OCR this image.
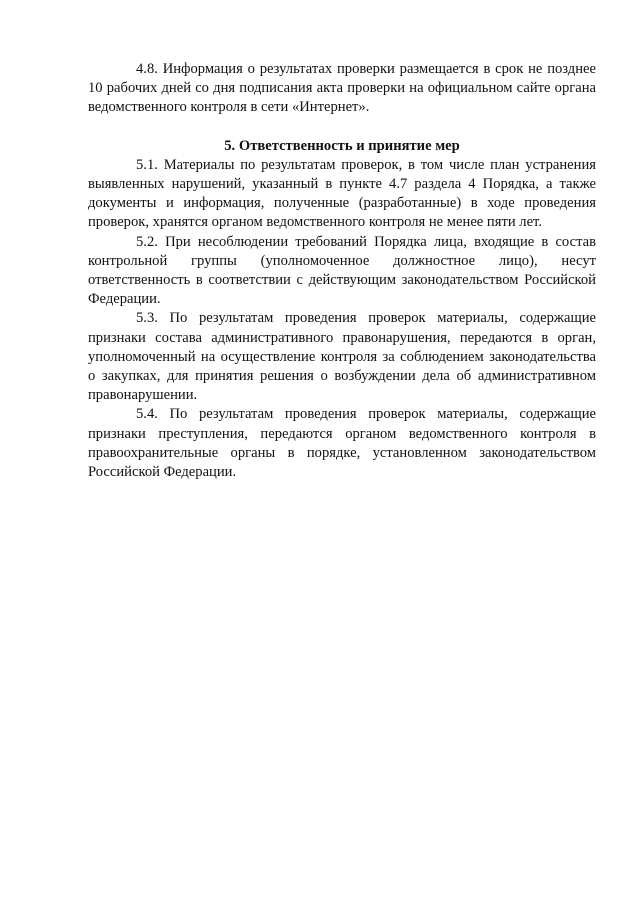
4.8. Информация о результатах проверки размещается в срок не позднее 10 рабочих дней со дня подписания акта проверки на официальном сайте органа ведомственного контроля в сети «Интернет».

5. Ответственность и принятие мер

5.1. Материалы по результатам проверок, в том числе план устранения выявленных нарушений, указанный в пункте 4.7 раздела 4 Порядка, а также документы и информация, полученные (разработанные) в ходе проведения проверок, хранятся органом ведомственного контроля не менее пяти лет.

5.2. При несоблюдении требований Порядка лица, входящие в состав контрольной группы (уполномоченное должностное лицо), несут ответственность в соответствии с действующим законодательством Российской Федерации.

5.3. По результатам проведения проверок материалы, содержащие признаки состава административного правонарушения, передаются в орган, уполномоченный на осуществление контроля за соблюдением законодательства о закупках, для принятия решения о возбуждении дела об административном правонарушении.

5.4. По результатам проведения проверок материалы, содержащие признаки преступления, передаются органом ведомственного контроля в правоохранительные органы в порядке, установленном законодательством Российской Федерации.
